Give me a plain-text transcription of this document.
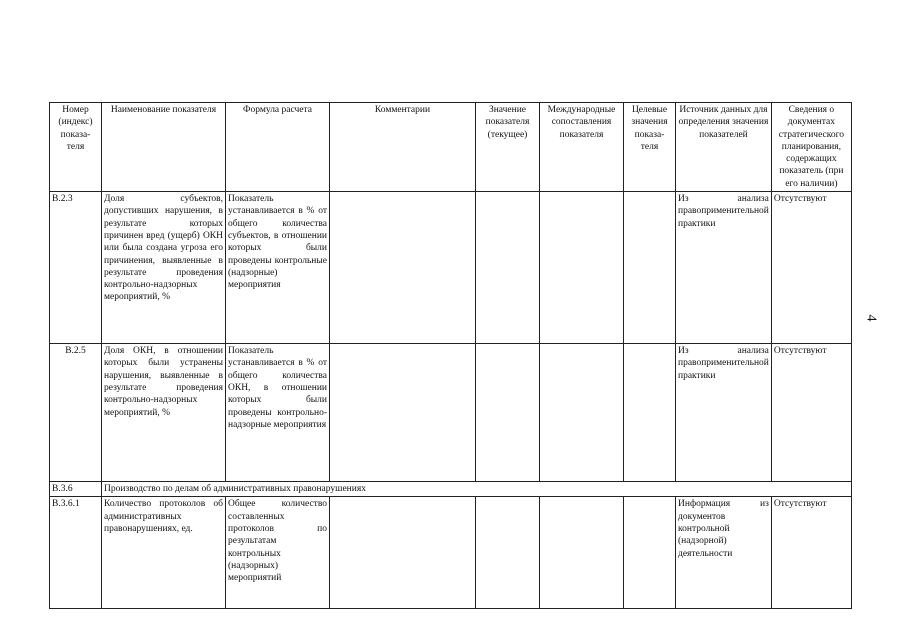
Номер (индекс) показа-теля	Наименование показателя	Формула расчета	Комментарии	Значение показателя (текущее)	Международные сопоставления показателя	Целевые значения показа-теля	Источник данных для определения значения показателей	Сведения о документах стратегического планирования, содержащих показатель (при его наличии)
В.2.3	Доля субъектов, допустивших нарушения, в результате которых причинен вред (ущерб) ОКН или была создана угроза его причинения, выявленные в результате проведения контрольно-надзорных мероприятий, %	Показатель устанавливается в % от общего количества субъектов, в отношении которых были проведены контрольные (надзорные) мероприятия					Из анализа правоприменительной практики	Отсутствуют
В.2.5	Доля ОКН, в отношении которых были устранены нарушения, выявленные в результате проведения контрольно-надзорных мероприятий, %	Показатель устанавливается в % от общего количества ОКН, в отношении которых были проведены контрольно-надзорные мероприятия					Из анализа правоприменительной практики	Отсутствуют
В.3.6	Производство по делам об административных правонарушениях							
В.3.6.1	Количество протоколов об административных правонарушениях, ед.	Общее количество составленных протоколов по результатам контрольных (надзорных) мероприятий					Информация из документов контрольной (надзорной) деятельности	Отсутствуют
4
